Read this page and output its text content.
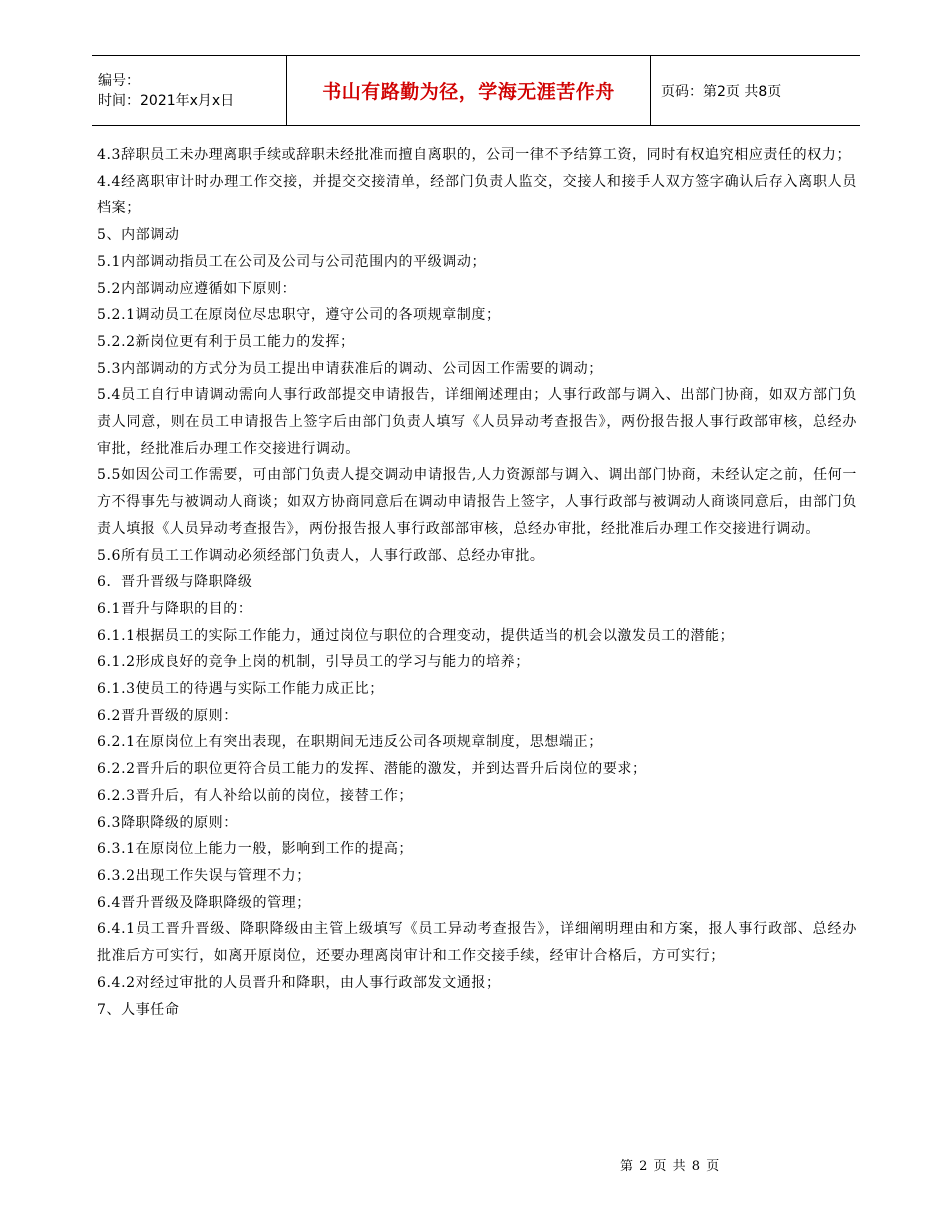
编号：
时间：2021年x月x日	书山有路勤为径，学海无涯苦作舟	页码：第2页 共8页

4.3辞职员工未办理离职手续或辞职未经批准而擅自离职的，公司一律不予结算工资，同时有权追究相应责任的权力；

4.4经离职审计时办理工作交接，并提交交接清单，经部门负责人监交，交接人和接手人双方签字确认后存入离职人员档案；

5、内部调动

5.1内部调动指员工在公司及公司与公司范围内的平级调动；

5.2内部调动应遵循如下原则：

5.2.1调动员工在原岗位尽忠职守，遵守公司的各项规章制度；

5.2.2新岗位更有利于员工能力的发挥；

5.3内部调动的方式分为员工提出申请获准后的调动、公司因工作需要的调动；

5.4员工自行申请调动需向人事行政部提交申请报告，详细阐述理由；人事行政部与调入、出部门协商，如双方部门负责人同意，则在员工申请报告上签字后由部门负责人填写《人员异动考查报告》，两份报告报人事行政部审核，总经办审批，经批准后办理工作交接进行调动。

5.5如因公司工作需要，可由部门负责人提交调动申请报告,人力资源部与调入、调出部门协商，未经认定之前，任何一方不得事先与被调动人商谈；如双方协商同意后在调动申请报告上签字，人事行政部与被调动人商谈同意后，由部门负责人填报《人员异动考查报告》，两份报告报人事行政部部审核，总经办审批，经批准后办理工作交接进行调动。

5.6所有员工工作调动必须经部门负责人，人事行政部、总经办审批。

6．晋升晋级与降职降级

6.1晋升与降职的目的：

6.1.1根据员工的实际工作能力，通过岗位与职位的合理变动，提供适当的机会以激发员工的潜能；

6.1.2形成良好的竞争上岗的机制，引导员工的学习与能力的培养；

6.1.3使员工的待遇与实际工作能力成正比；

6.2晋升晋级的原则：

6.2.1在原岗位上有突出表现，在职期间无违反公司各项规章制度，思想端正；

6.2.2晋升后的职位更符合员工能力的发挥、潜能的激发，并到达晋升后岗位的要求；

6.2.3晋升后，有人补给以前的岗位，接替工作；

6.3降职降级的原则：

6.3.1在原岗位上能力一般，影响到工作的提高；

6.3.2出现工作失误与管理不力；

6.4晋升晋级及降职降级的管理；

6.4.1员工晋升晋级、降职降级由主管上级填写《员工异动考查报告》，详细阐明理由和方案，报人事行政部、总经办批准后方可实行，如离开原岗位，还要办理离岗审计和工作交接手续，经审计合格后，方可实行；

6.4.2对经过审批的人员晋升和降职，由人事行政部发文通报；

7、人事任命

第 2 页 共 8 页
